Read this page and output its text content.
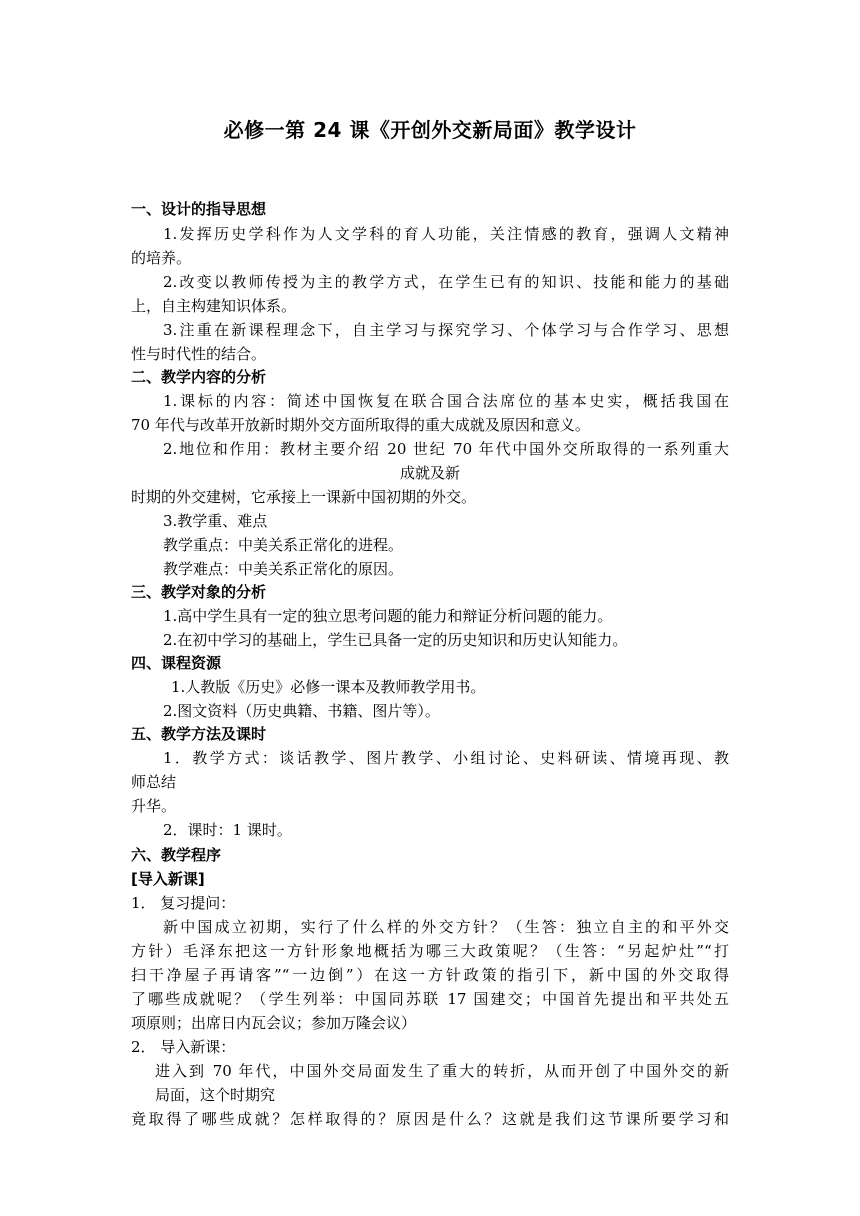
必修一第 24 课《开创外交新局面》教学设计
一、设计的指导思想
1.发挥历史学科作为人文学科的育人功能，关注情感的教育，强调人文精神
的培养。
2.改变以教师传授为主的教学方式，在学生已有的知识、技能和能力的基础
上，自主构建知识体系。
3.注重在新课程理念下，自主学习与探究学习、个体学习与合作学习、思想
性与时代性的结合。
二、教学内容的分析
1.课标的内容：简述中国恢复在联合国合法席位的基本史实，概括我国在
70 年代与改革开放新时期外交方面所取得的重大成就及原因和意义。
2.地位和作用：教材主要介绍 20 世纪 70 年代中国外交所取得的一系列重大
成就及新
时期的外交建树，它承接上一课新中国初期的外交。
3.教学重、难点
教学重点：中美关系正常化的进程。
教学难点：中美关系正常化的原因。
三、教学对象的分析
1.高中学生具有一定的独立思考问题的能力和辩证分析问题的能力。
2.在初中学习的基础上，学生已具备一定的历史知识和历史认知能力。
四、课程资源
1.人教版《历史》必修一课本及教师教学用书。
2.图文资料（历史典籍、书籍、图片等）。
五、教学方法及课时
1．教学方式：谈话教学、图片教学、小组讨论、史料研读、情境再现、教
师总结
升华。
2．课时：1 课时。
六、教学程序
[导入新课]
1． 复习提问：
新中国成立初期，实行了什么样的外交方针？（生答：独立自主的和平外交
方针）毛泽东把这一方针形象地概括为哪三大政策呢？（生答：“另起炉灶”“打
扫干净屋子再请客”“一边倒”）在这一方针政策的指引下，新中国的外交取得
了哪些成就呢？（学生列举：中国同苏联 17 国建交；中国首先提出和平共处五
项原则；出席日内瓦会议；参加万隆会议）
2． 导入新课：
进入到 70 年代，中国外交局面发生了重大的转折，从而开创了中国外交的新
局面，这个时期究
竟取得了哪些成就？怎样取得的？原因是什么？这就是我们这节课所要学习和
